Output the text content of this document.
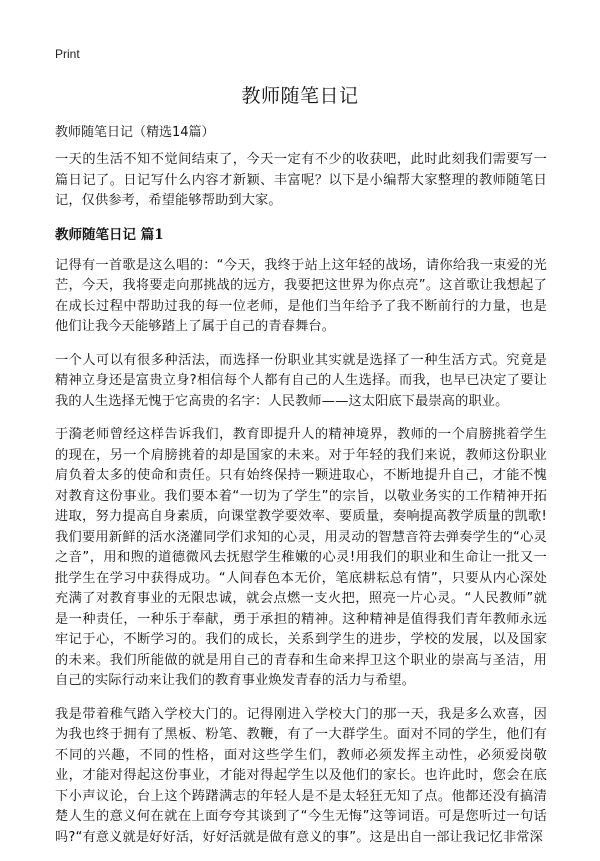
Print
教师随笔日记
教师随笔日记（精选14篇）

一天的生活不知不觉间结束了，今天一定有不少的收获吧，此时此刻我们需要写一篇日记了。日记写什么内容才新颖、丰富呢？以下是小编帮大家整理的教师随笔日记，仅供参考，希望能够帮助到大家。

教师随笔日记 篇1

记得有一首歌是这么唱的：“今天，我终于站上这年轻的战场，请你给我一束爱的光芒，今天，我将要走向那挑战的远方，我要把这世界为你点亮”。这首歌让我想起了在成长过程中帮助过我的每一位老师，是他们当年给予了我不断前行的力量，也是他们让我今天能够踏上了属于自己的青春舞台。

一个人可以有很多种活法，而选择一份职业其实就是选择了一种生活方式。究竟是精神立身还是富贵立身?相信每个人都有自己的人生选择。而我，也早已决定了要让我的人生选择无愧于它高贵的名字：人民教师——这太阳底下最崇高的职业。

于漪老师曾经这样告诉我们，教育即提升人的精神境界，教师的一个肩膀挑着学生的现在，另一个肩膀挑着的却是国家的未来。对于年轻的我们来说，教师这份职业肩负着太多的使命和责任。只有始终保持一颗进取心，不断地提升自己，才能不愧对教育这份事业。我们要本着“一切为了学生”的宗旨，以敬业务实的工作精神开拓进取，努力提高自身素质，向课堂教学要效率、要质量，奏响提高教学质量的凯歌!我们要用新鲜的活水浇灌同学们求知的心灵，用灵动的智慧音符去弹奏学生的“心灵之音”，用和煦的道德微风去抚慰学生稚嫩的心灵!用我们的职业和生命让一批又一批学生在学习中获得成功。“人间春色本无价，笔底耕耘总有情”，只要从内心深处充满了对教育事业的无限忠诚，就会点燃一支火把，照亮一片心灵。“人民教师”就是一种责任，一种乐于奉献，勇于承担的精神。这种精神是值得我们青年教师永远牢记于心，不断学习的。我们的成长，关系到学生的进步，学校的发展，以及国家的未来。我们所能做的就是用自己的青春和生命来捍卫这个职业的崇高与圣洁，用自己的实际行动来让我们的教育事业焕发青春的活力与希望。

我是带着稚气踏入学校大门的。记得刚进入学校大门的那一天，我是多么欢喜，因为我也终于拥有了黑板、粉笔、教鞭，有了一大群学生。面对不同的学生，他们有不同的兴趣，不同的性格，面对这些学生们，教师必须发挥主动性，必须爱岗敬业，才能对得起这份事业，才能对得起学生以及他们的家长。也许此时，您会在底下小声议论，台上这个踌躇满志的年轻人是不是太轻狂无知了点。他都还没有搞清楚人生的意义何在就在上面夸夸其谈到了“今生无悔”这等词语。可是您听过一句话吗?“有意义就是好好活，好好活就是做有意义的事”。这是出自一部让我记忆非常深
